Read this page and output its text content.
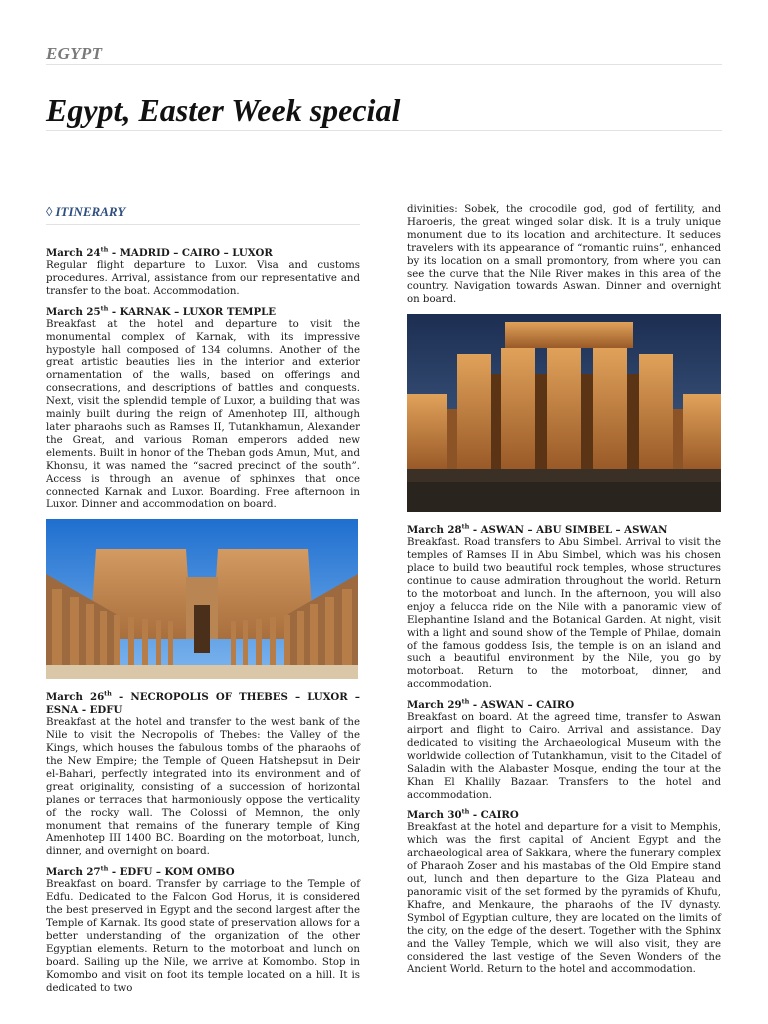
EGYPT
Egypt, Easter Week special
◊ ITINERARY

March 24th - MADRID – CAIRO – LUXOR

Regular flight departure to Luxor. Visa and customs procedures. Arrival, assistance from our representative and transfer to the boat. Accommodation.

March 25th - KARNAK – LUXOR TEMPLE

Breakfast at the hotel and departure to visit the monumental complex of Karnak, with its impressive hypostyle hall composed of 134 columns. Another of the great artistic beauties lies in the interior and exterior ornamentation of the walls, based on offerings and consecrations, and descriptions of battles and conquests. Next, visit the splendid temple of Luxor, a building that was mainly built during the reign of Amenhotep III, although later pharaohs such as Ramses II, Tutankhamun, Alexander the Great, and various Roman emperors added new elements. Built in honor of the Theban gods Amun, Mut, and Khonsu, it was named the “sacred precinct of the south”. Access is through an avenue of sphinxes that once connected Karnak and Luxor. Boarding. Free afternoon in Luxor. Dinner and accommodation on board.

March 26th - NECROPOLIS OF THEBES – LUXOR – ESNA - EDFU

Breakfast at the hotel and transfer to the west bank of the Nile to visit the Necropolis of Thebes: the Valley of the Kings, which houses the fabulous tombs of the pharaohs of the New Empire; the Temple of Queen Hatshepsut in Deir el-Bahari, perfectly integrated into its environment and of great originality, consisting of a succession of horizontal planes or terraces that harmoniously oppose the verticality of the rocky wall. The Colossi of Memnon, the only monument that remains of the funerary temple of King Amenhotep III 1400 BC. Boarding on the motorboat, lunch, dinner, and overnight on board.

March 27th - EDFU – KOM OMBO

Breakfast on board. Transfer by carriage to the Temple of Edfu. Dedicated to the Falcon God Horus, it is considered the best preserved in Egypt and the second largest after the Temple of Karnak. Its good state of preservation allows for a better understanding of the organization of the other Egyptian elements. Return to the motorboat and lunch on board. Sailing up the Nile, we arrive at Komombo. Stop in Komombo and visit on foot its temple located on a hill. It is dedicated to two

divinities: Sobek, the crocodile god, god of fertility, and Haroeris, the great winged solar disk. It is a truly unique monument due to its location and architecture. It seduces travelers with its appearance of “romantic ruins”, enhanced by its location on a small promontory, from where you can see the curve that the Nile River makes in this area of the country. Navigation towards Aswan. Dinner and overnight on board.

March 28th - ASWAN – ABU SIMBEL – ASWAN

Breakfast. Road transfers to Abu Simbel. Arrival to visit the temples of Ramses II in Abu Simbel, which was his chosen place to build two beautiful rock temples, whose structures continue to cause admiration throughout the world. Return to the motorboat and lunch. In the afternoon, you will also enjoy a felucca ride on the Nile with a panoramic view of Elephantine Island and the Botanical Garden. At night, visit with a light and sound show of the Temple of Philae, domain of the famous goddess Isis, the temple is on an island and such a beautiful environment by the Nile, you go by motorboat. Return to the motorboat, dinner, and accommodation.

March 29th - ASWAN – CAIRO

Breakfast on board. At the agreed time, transfer to Aswan airport and flight to Cairo. Arrival and assistance. Day dedicated to visiting the Archaeological Museum with the worldwide collection of Tutankhamun, visit to the Citadel of Saladin with the Alabaster Mosque, ending the tour at the Khan El Khalily Bazaar. Transfers to the hotel and accommodation.

March 30th - CAIRO

Breakfast at the hotel and departure for a visit to Memphis, which was the first capital of Ancient Egypt and the archaeological area of Sakkara, where the funerary complex of Pharaoh Zoser and his mastabas of the Old Empire stand out, lunch and then departure to the Giza Plateau and panoramic visit of the set formed by the pyramids of Khufu, Khafre, and Menkaure, the pharaohs of the IV dynasty. Symbol of Egyptian culture, they are located on the limits of the city, on the edge of the desert. Together with the Sphinx and the Valley Temple, which we will also visit, they are considered the last vestige of the Seven Wonders of the Ancient World. Return to the hotel and accommodation.
